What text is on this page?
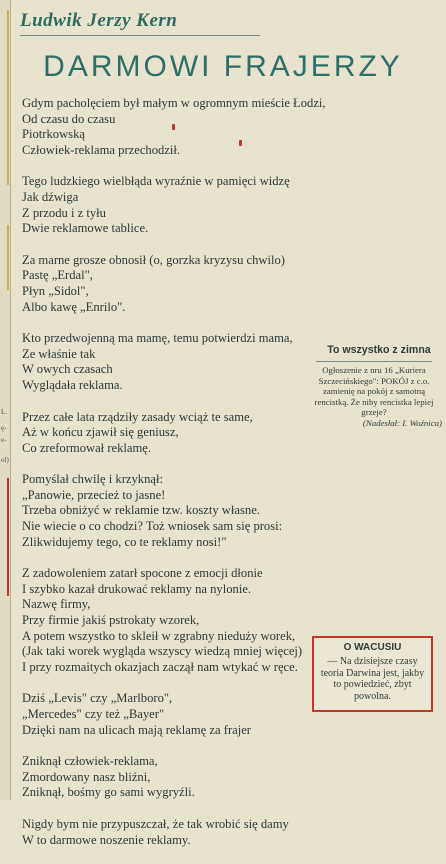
L.
ę-
e-
ol)
Ludwik Jerzy Kern
DARMOWI FRAJERZY
Gdym pacholęciem był małym w ogromnym mieście Łodzi,
Od czasu do czasu
Piotrkowską
Człowiek-reklama przechodził.
Tego ludzkiego wielbłąda wyraźnie w pamięci widzę
Jak dźwiga
Z przodu i z tyłu
Dwie reklamowe tablice.
Za marne grosze obnosił (o, gorzka kryzysu chwilo)
Pastę „Erdal",
Płyn „Sidol",
Albo kawę „Enrilo".
Kto przedwojenną ma mamę, temu potwierdzi mama,
Ze właśnie tak
W owych czasach
Wyglądała reklama.
Przez całe lata rządziły zasady wciąż te same,
Aż w końcu zjawił się geniusz,
Co zreformował reklamę.
Pomyślał chwilę i krzyknął:
„Panowie, przecież to jasne!
Trzeba obniżyć w reklamie tzw. koszty własne.
Nie wiecie o co chodzi? Toż wniosek sam się prosi:
Zlikwidujemy tego, co te reklamy nosi!"
Z zadowoleniem zatarł spocone z emocji dłonie
I szybko kazał drukować reklamy na nylonie.
Nazwę firmy,
Przy firmie jakiś pstrokaty wzorek,
A potem wszystko to skleił w zgrabny nieduży worek,
(Jak taki worek wygląda wszyscy wiedzą mniej więcej)
I przy rozmaitych okazjach zaczął nam wtykać w ręce.
Dziś „Levis" czy „Marlboro",
„Mercedes" czy też „Bayer"
Dzięki nam na ulicach mają reklamę za frajer
Zniknął człowiek-reklama,
Zmordowany nasz bliźni,
Zniknął, bośmy go sami wygryźli.
Nigdy bym nie przypuszczał, że tak wrobić się damy
W to darmowe noszenie reklamy.
To wszystko z zimna

Ogłoszenie z nru 16 „Kuriera Szczecińskiego": POKÓJ z c.o. zamienię na pokój z samotną rencistką. Że niby rencistka lepiej grzeje?

(Nadesłał: I. Woźnica)

O WACUSIU

— Na dzisiejsze czasy teoria Darwina jest, jakby to powiedzieć, zbyt powolna.
